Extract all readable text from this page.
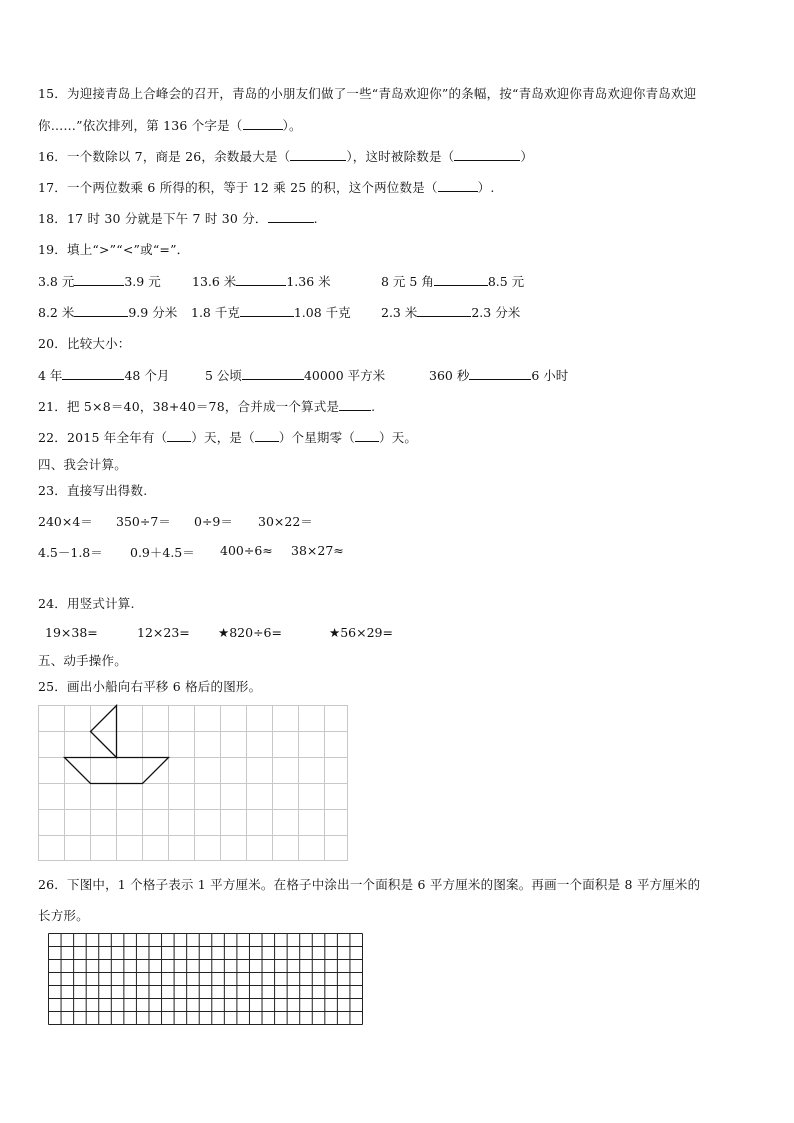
15．为迎接青岛上合峰会的召开，青岛的小朋友们做了一些“青岛欢迎你”的条幅，按“青岛欢迎你青岛欢迎你青岛欢迎
你……”依次排列，第 136 个字是（	）。
16．一个数除以 7，商是 26，余数最大是（	），这时被除数是（	）
17．一个两位数乘 6 所得的积，等于 12 乘 25 的积，这个两位数是（	）.
18．17 时 30 分就是下午 7 时 30 分．	.
19．填上“>”“<”或“=”．
3.8 元	3.9 元	13.6 米	1.36 米	8 元 5 角	8.5 元
8.2 米	9.9 分米 1.8 千克	1.08 千克 2.3 米	2.3 分米
20．比较大小：
4 年	48 个月	5 公顷	40000 平方米	360 秒	6 小时
21．把 5×8＝40，38+40＝78，合并成一个算式是	.
22．2015 年全年有（ ）天，是（ ）个星期零（ ）天。
四、我会计算。
23．直接写出得数.
240×4＝ 350÷7＝ 0÷9＝ 30×22＝
4.5－1.8＝ 0.9＋4.5＝ 400÷6≈ 38×27≈
24．用竖式计算.
19×38=	12×23= ★820÷6=	★56×29=
五、动手操作。
25．画出小船向右平移 6 格后的图形。
26．下图中，1 个格子表示 1 平方厘米。在格子中涂出一个面积是 6 平方厘米的图案。再画一个面积是 8 平方厘米的
长方形。
